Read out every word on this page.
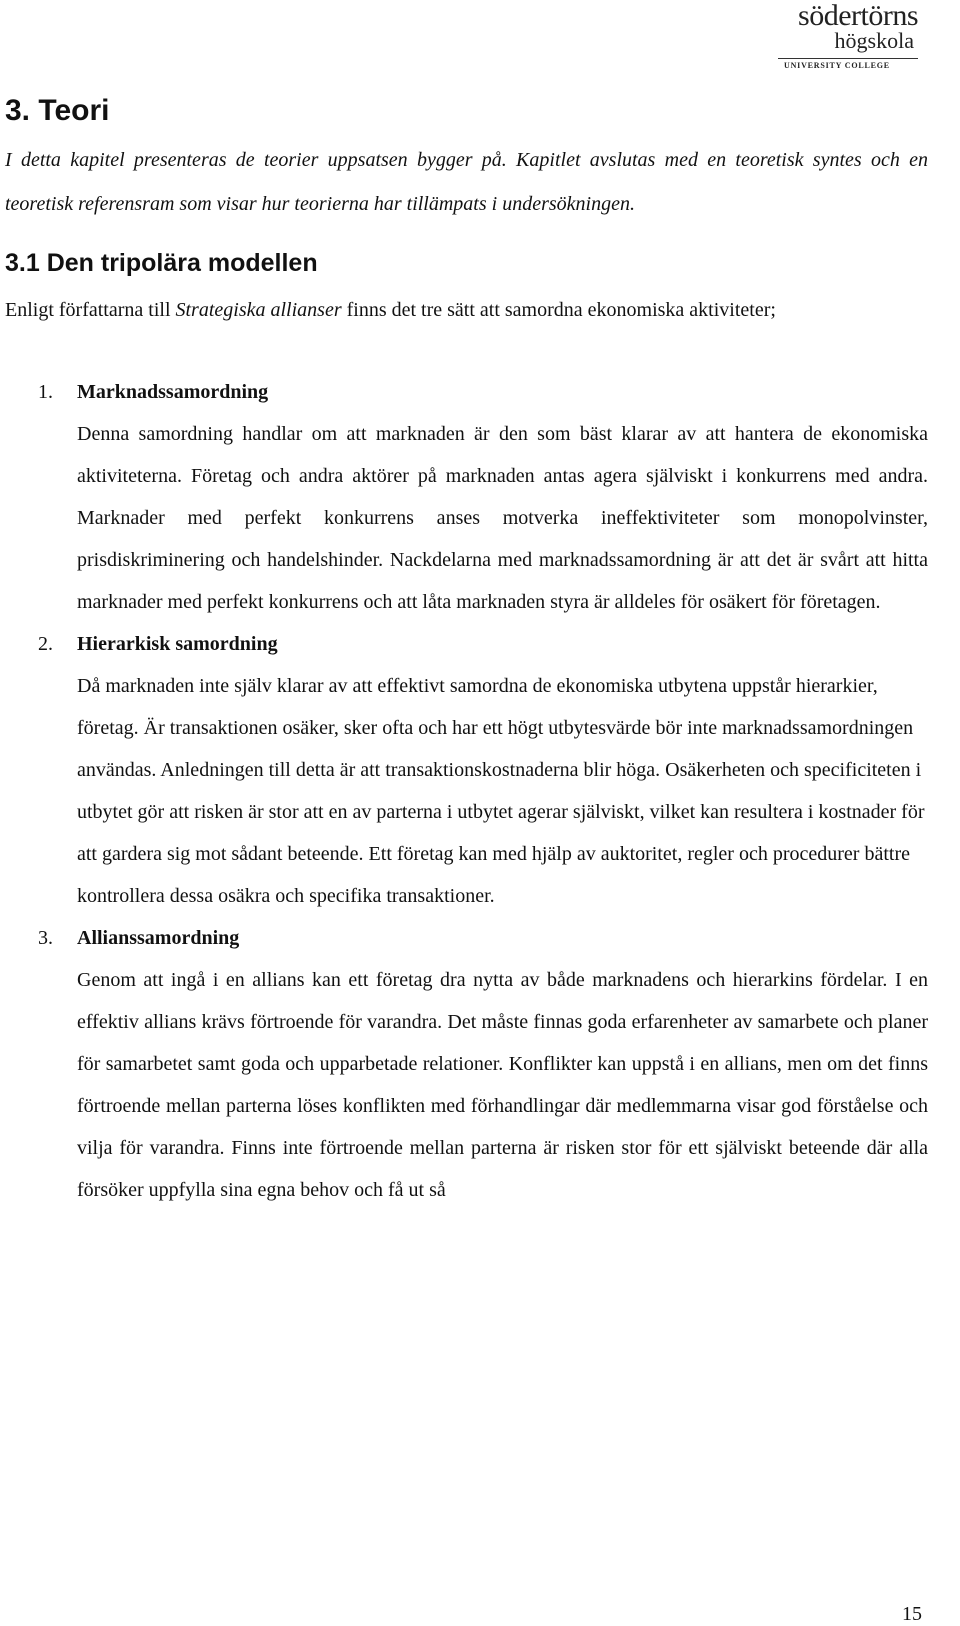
södertörns
högskola
UNIVERSITY COLLEGE
3. Teori

I detta kapitel presenteras de teorier uppsatsen bygger på. Kapitlet avslutas med en teoretisk syntes och en teoretisk referensram som visar hur teorierna har tillämpats i undersökningen.

3.1 Den tripolära modellen

Enligt författarna till Strategiska allianser finns det tre sätt att samordna ekonomiska aktiviteter;

1. Marknadssamordning

Denna samordning handlar om att marknaden är den som bäst klarar av att hantera de ekonomiska aktiviteterna. Företag och andra aktörer på marknaden antas agera själviskt i konkurrens med andra. Marknader med perfekt konkurrens anses motverka ineffektiviteter som monopolvinster, prisdiskriminering och handelshinder. Nackdelarna med marknadssamordning är att det är svårt att hitta marknader med perfekt konkurrens och att låta marknaden styra är alldeles för osäkert för företagen.

2. Hierarkisk samordning

Då marknaden inte själv klarar av att effektivt samordna de ekonomiska utbytena uppstår hierarkier, företag. Är transaktionen osäker, sker ofta och har ett högt utbytesvärde bör inte marknadssamordningen användas. Anledningen till detta är att transaktionskostnaderna blir höga. Osäkerheten och specificiteten i utbytet gör att risken är stor att en av parterna i utbytet agerar själviskt, vilket kan resultera i kostnader för att gardera sig mot sådant beteende. Ett företag kan med hjälp av auktoritet, regler och procedurer bättre kontrollera dessa osäkra och specifika transaktioner.

3. Allianssamordning

Genom att ingå i en allians kan ett företag dra nytta av både marknadens och hierarkins fördelar. I en effektiv allians krävs förtroende för varandra. Det måste finnas goda erfarenheter av samarbete och planer för samarbetet samt goda och upparbetade relationer. Konflikter kan uppstå i en allians, men om det finns förtroende mellan parterna löses konflikten med förhandlingar där medlemmarna visar god förståelse och vilja för varandra. Finns inte förtroende mellan parterna är risken stor för ett själviskt beteende där alla försöker uppfylla sina egna behov och få ut så

15
